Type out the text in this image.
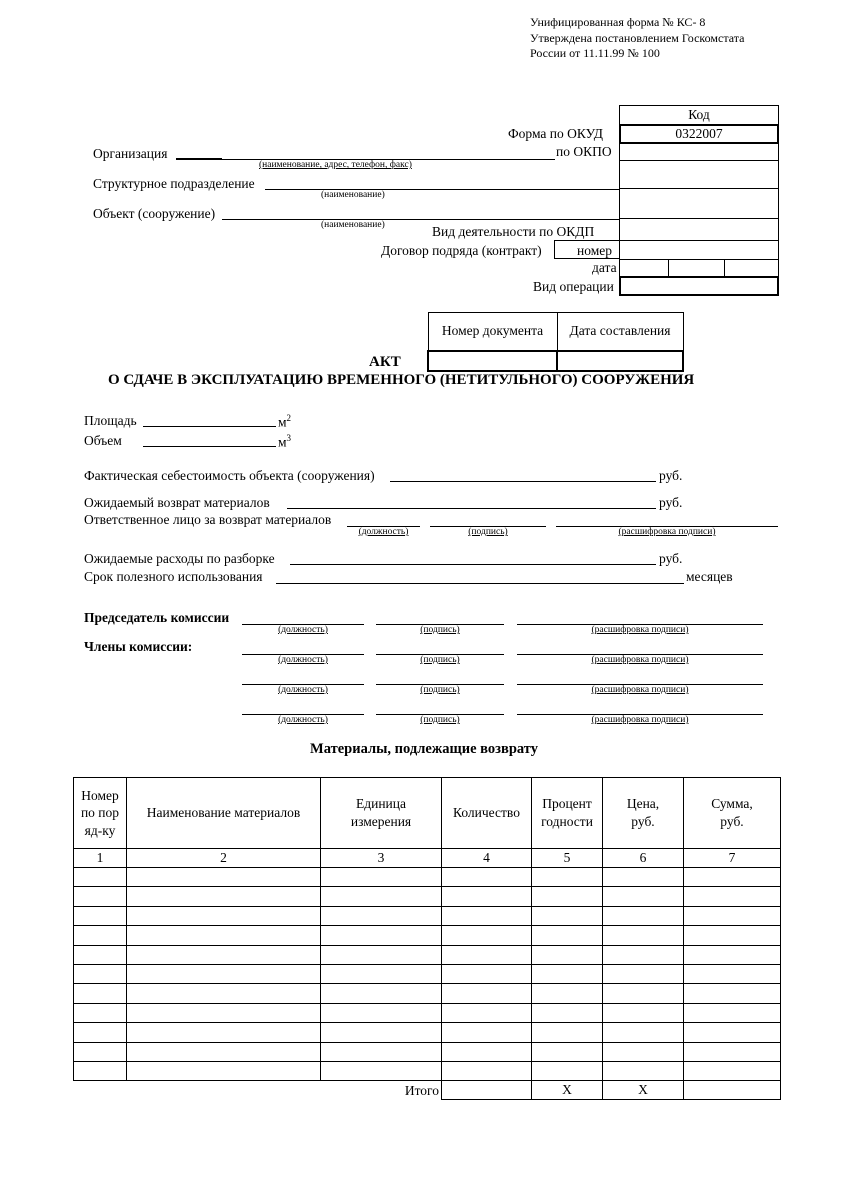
Унифицированная форма № КС- 8
Утверждена постановлением Госкомстата
России от 11.11.99 № 100
Код
0322007
Форма по ОКУД
по ОКПО
Вид деятельности по ОКДП
Договор подряда (контракт)	номер
дата
Вид операции
Организация
(наименование, адрес, телефон, факс)
Структурное подразделение
(наименование)
Объект (сооружение)
(наименование)
Номер документа	Дата составления

АКТ
О СДАЧЕ В ЭКСПЛУАТАЦИЮ ВРЕМЕННОГО (НЕТИТУЛЬНОГО) СООРУЖЕНИЯ
Площадь	$м^2$
Объем	$м^3$
Фактическая себестоимость объекта (сооружения)	руб.
Ожидаемый возврат материалов	руб.
Ответственное лицо за возврат материалов
(должность)	(подпись)	(расшифровка подписи)
Ожидаемые расходы по разборке	руб.
Срок полезного использования	месяцев
Председатель комиссии
(должность)	(подпись)	(расшифровка подписи)
Члены комиссии:
(должность)	(подпись)	(расшифровка подписи)
(должность)	(подпись)	(расшифровка подписи)
(должность)	(подпись)	(расшифровка подписи)
Материалы, подлежащие возврату
Номер по поряд-ку	Наименование материалов	Единица измерения	Количество	Процент годности	Цена, руб.	Сумма, руб.
1	2	3	4	5	6	7

Итого				Х	Х	
